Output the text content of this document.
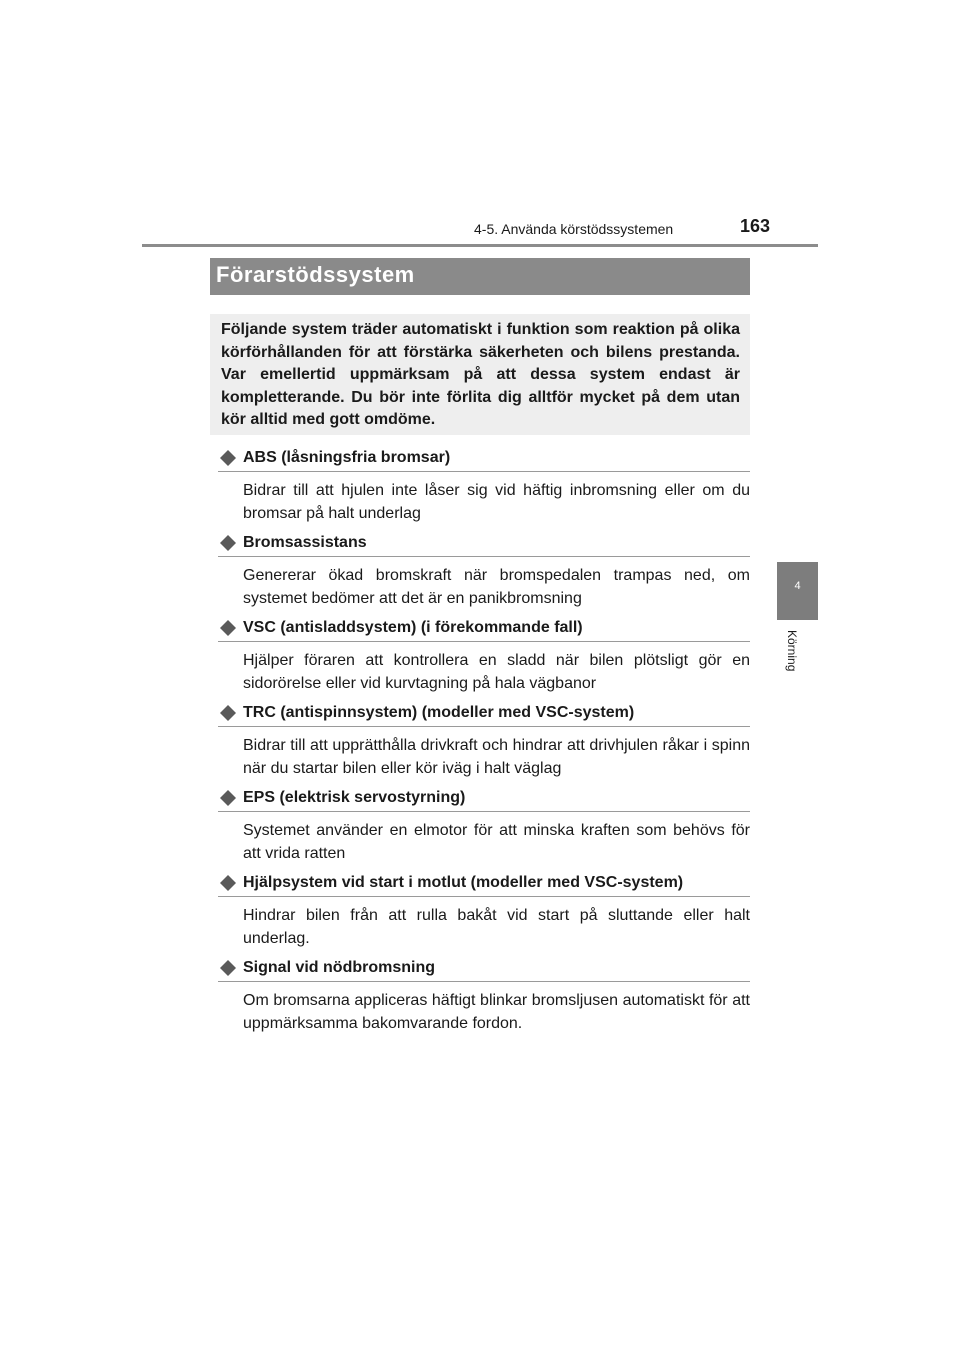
4-5. Använda körstödssystemen	163
Förarstödssystem
Följande system träder automatiskt i funktion som reaktion på olika körförhållanden för att förstärka säkerheten och bilens prestanda. Var emellertid uppmärksam på att dessa system endast är kompletterande. Du bör inte förlita dig alltför mycket på dem utan kör alltid med gott omdöme.
4
Körning
ABS (låsningsfria bromsar)
Bidrar till att hjulen inte låser sig vid häftig inbromsning eller om du bromsar på halt underlag
Bromsassistans
Genererar ökad bromskraft när bromspedalen trampas ned, om systemet bedömer att det är en panikbromsning
VSC (antisladdsystem) (i förekommande fall)
Hjälper föraren att kontrollera en sladd när bilen plötsligt gör en sidorörelse eller vid kurvtagning på hala vägbanor
TRC (antispinnsystem) (modeller med VSC-system)
Bidrar till att upprätthålla drivkraft och hindrar att drivhjulen råkar i spinn när du startar bilen eller kör iväg i halt väglag
EPS (elektrisk servostyrning)
Systemet använder en elmotor för att minska kraften som behövs för att vrida ratten
Hjälpsystem vid start i motlut (modeller med VSC-system)
Hindrar bilen från att rulla bakåt vid start på sluttande eller halt underlag.
Signal vid nödbromsning
Om bromsarna appliceras häftigt blinkar bromsljusen automatiskt för att uppmärksamma bakomvarande fordon.
